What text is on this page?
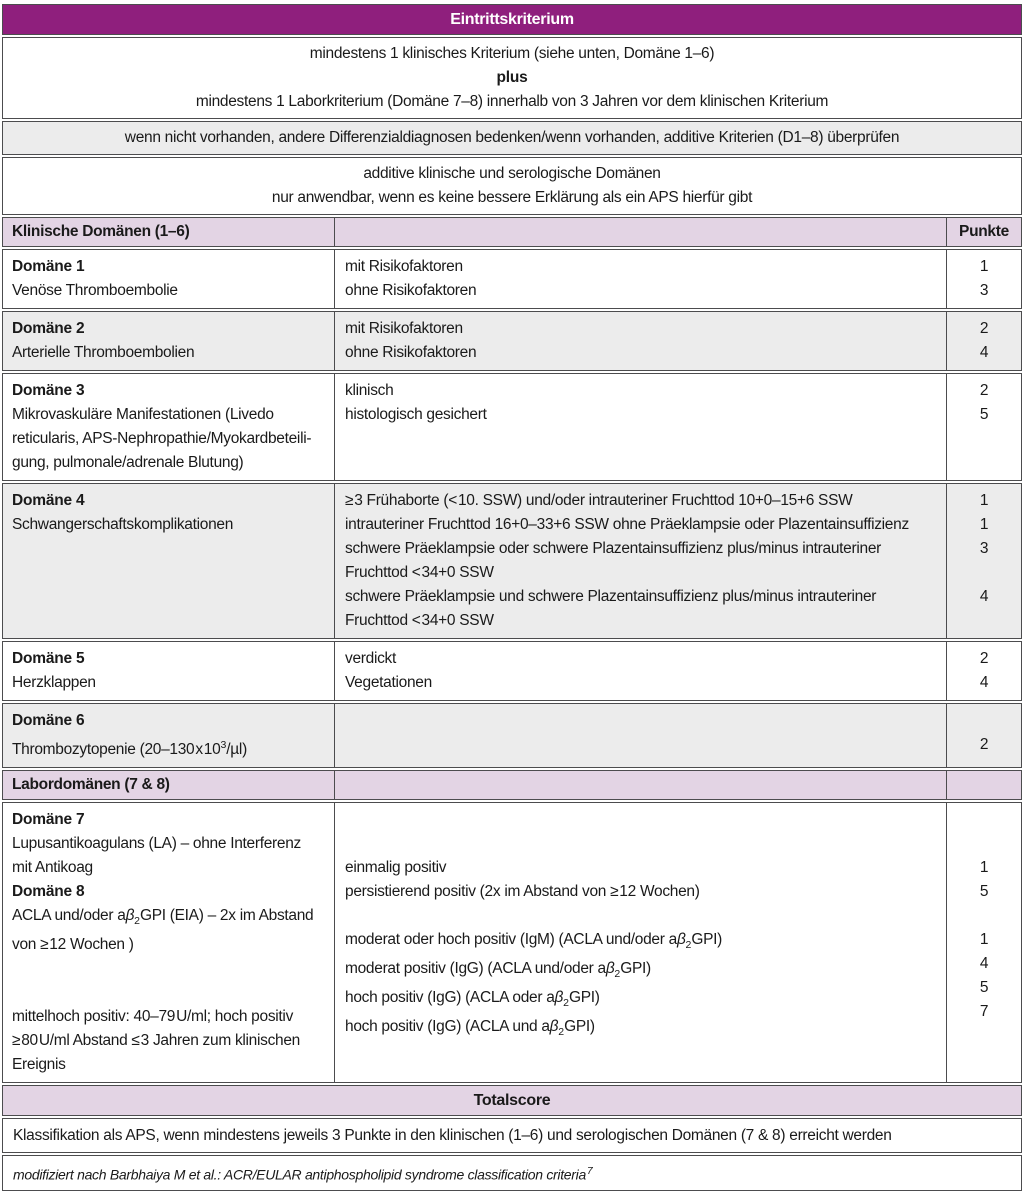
Eintrittskriterium
mindestens 1 klinisches Kriterium (siehe unten, Domäne 1–6)
plus
mindestens 1 Laborkriterium (Domäne 7–8) innerhalb von 3 Jahren vor dem klinischen Kriterium
wenn nicht vorhanden, andere Differenzialdiagnosen bedenken/wenn vorhanden, additive Kriterien (D1–8) überprüfen
additive klinische und serologische Domänen
nur anwendbar, wenn es keine bessere Erklärung als ein APS hierfür gibt
Klinische Domänen (1–6)	Punkte
Domäne 1
Venöse Thromboembolie
mit Risikofaktoren
ohne Risikofaktoren
1
3
Domäne 2
Arterielle Thromboembolien
mit Risikofaktoren
ohne Risikofaktoren
2
4
Domäne 3
Mikrovaskuläre Manifestationen (Livedo
reticularis, APS-Nephropathie/Myokardbeteili-
gung, pulmonale/adrenale Blutung)
klinisch
histologisch gesichert
2
5
Domäne 4
Schwangerschaftskomplikationen
≥ 3 Frühaborte (< 10. SSW) und/oder intrauteriner Fruchttod 10+0–15+6 SSW
intrauteriner Fruchttod 16+0–33+6 SSW ohne Präeklampsie oder Plazentainsuffizienz
schwere Präeklampsie oder schwere Plazentainsuffizienz plus/minus intrauteriner
Fruchttod < 34+0 SSW
schwere Präeklampsie und schwere Plazentainsuffizienz plus/minus intrauteriner
Fruchttod < 34+0 SSW
1
1
3

4

Domäne 5
Herzklappen
verdickt
Vegetationen
2
4
Domäne 6
Thrombozytopenie (20–130 x $10^3/\mu l$)

	2
Labordomänen (7 & 8)
Domäne 7
Lupusantikoagulans (LA) – ohne Interferenz
mit Antikoag
Domäne 8
ACLA und/oder $a\beta_2GPI$ (EIA) – 2x im Abstand
von ≥ 12 Wochen )

mittelhoch positiv: 40–79 U/ml; hoch positiv
≥ 80 U/ml Abstand ≤ 3 Jahren zum klinischen
Ereignis

einmalig positiv
persistierend positiv (2x im Abstand von ≥ 12 Wochen)

moderat oder hoch positiv (IgM) (ACLA und/oder $a\beta_2GPI$)
moderat positiv (IgG) (ACLA und/oder $a\beta_2GPI$)
hoch positiv (IgG) (ACLA oder $a\beta_2GPI$)
hoch positiv (IgG) (ACLA und $a\beta_2GPI$)

1
5

1
4
5
7
Totalscore
Klassifikation als APS, wenn mindestens jeweils 3 Punkte in den klinischen (1–6) und serologischen Domänen (7 & 8) erreicht werden
modifiziert nach Barbhaiya M et al.: ACR/EULAR antiphospholipid syndrome classification criteria $^7$
